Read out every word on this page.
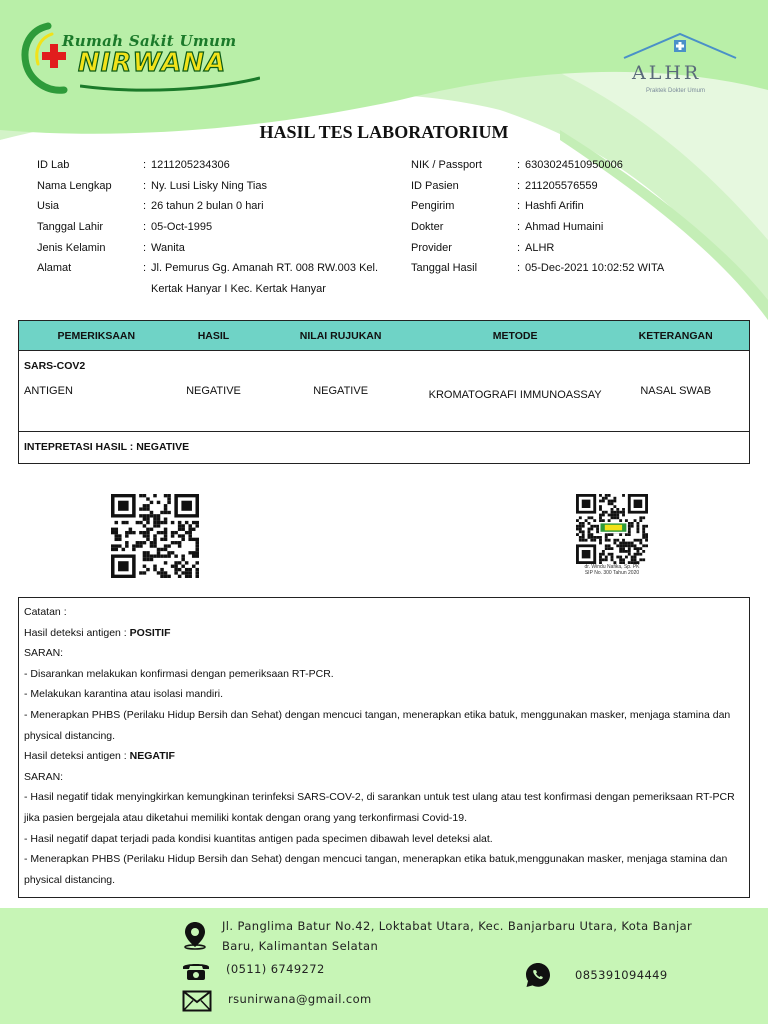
Rumah Sakit Umum
NIRWANA	ALHR
Praktek Dokter Umum
HASIL TES LABORATORIUM
ID Lab	: 1211205234306
Nama Lengkap	: Ny. Lusi Lisky Ning Tias
Usia	: 26 tahun 2 bulan 0 hari
Tanggal Lahir	: 05-Oct-1995
Jenis Kelamin	: Wanita
Alamat	: Jl. Pemurus Gg. Amanah RT. 008 RW.003 Kel. Kertak Hanyar I Kec. Kertak Hanyar
NIK / Passport	: 6303024510950006
ID Pasien	: 211205576559
Pengirim	: Hashfi Arifin
Dokter	: Ahmad Humaini
Provider	: ALHR
Tanggal Hasil	: 05-Dec-2021 10:02:52 WITA
PEMERIKSAAN	HASIL	NILAI RUJUKAN	METODE	KETERANGAN
SARS-COV2
ANTIGEN	NEGATIVE	NEGATIVE	KROMATOGRAFI IMMUNOASSAY	NASAL SWAB
INTEPRETASI HASIL : NEGATIVE
dr. Windu Nafika, Sp. PK
SIP No. 300 Tahun 2020

Catatan :

Hasil deteksi antigen : POSITIF

SARAN:

- Disarankan melakukan konfirmasi dengan pemeriksaan RT-PCR.

- Melakukan karantina atau isolasi mandiri.

- Menerapkan PHBS (Perilaku Hidup Bersih dan Sehat) dengan mencuci tangan, menerapkan etika batuk, menggunakan masker, menjaga stamina dan physical distancing.

Hasil deteksi antigen : NEGATIF

SARAN:

- Hasil negatif tidak menyingkirkan kemungkinan terinfeksi SARS-COV-2, di sarankan untuk test ulang atau test konfirmasi dengan pemeriksaan RT-PCR jika pasien bergejala atau diketahui memiliki kontak dengan orang yang terkonfirmasi Covid-19.

- Hasil negatif dapat terjadi pada kondisi kuantitas antigen pada specimen dibawah level deteksi alat.

- Menerapkan PHBS (Perilaku Hidup Bersih dan Sehat) dengan mencuci tangan, menerapkan etika batuk,menggunakan masker, menjaga stamina dan physical distancing.

Jl. Panglima Batur No.42, Loktabat Utara, Kec. Banjarbaru Utara, Kota Banjar Baru, Kalimantan Selatan
(0511) 6749272	085391094449
rsunirwana@gmail.com
